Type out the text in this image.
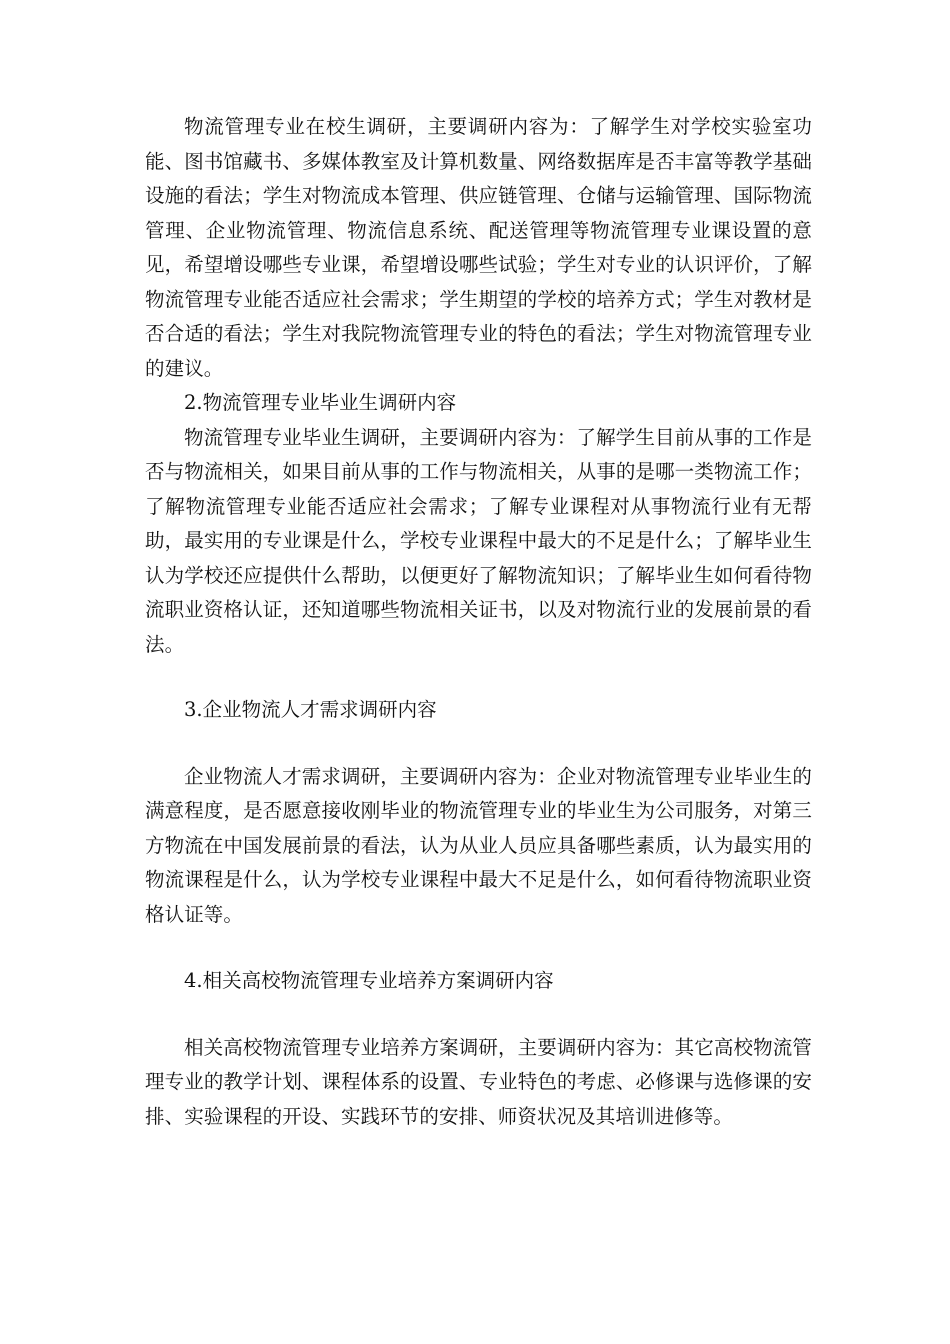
物流管理专业在校生调研，主要调研内容为：了解学生对学校实验室功能、图书馆藏书、多媒体教室及计算机数量、网络数据库是否丰富等教学基础设施的看法；学生对物流成本管理、供应链管理、仓储与运输管理、国际物流管理、企业物流管理、物流信息系统、配送管理等物流管理专业课设置的意见，希望增设哪些专业课，希望增设哪些试验；学生对专业的认识评价，了解物流管理专业能否适应社会需求；学生期望的学校的培养方式；学生对教材是否合适的看法；学生对我院物流管理专业的特色的看法；学生对物流管理专业的建议。

2.物流管理专业毕业生调研内容

物流管理专业毕业生调研，主要调研内容为：了解学生目前从事的工作是否与物流相关，如果目前从事的工作与物流相关，从事的是哪一类物流工作；了解物流管理专业能否适应社会需求；了解专业课程对从事物流行业有无帮助，最实用的专业课是什么，学校专业课程中最大的不足是什么；了解毕业生认为学校还应提供什么帮助，以便更好了解物流知识；了解毕业生如何看待物流职业资格认证，还知道哪些物流相关证书，以及对物流行业的发展前景的看法。

3.企业物流人才需求调研内容

企业物流人才需求调研，主要调研内容为：企业对物流管理专业毕业生的满意程度，是否愿意接收刚毕业的物流管理专业的毕业生为公司服务，对第三方物流在中国发展前景的看法，认为从业人员应具备哪些素质，认为最实用的物流课程是什么，认为学校专业课程中最大不足是什么，如何看待物流职业资格认证等。

4.相关高校物流管理专业培养方案调研内容

相关高校物流管理专业培养方案调研，主要调研内容为：其它高校物流管理专业的教学计划、课程体系的设置、专业特色的考虑、必修课与选修课的安排、实验课程的开设、实践环节的安排、师资状况及其培训进修等。
